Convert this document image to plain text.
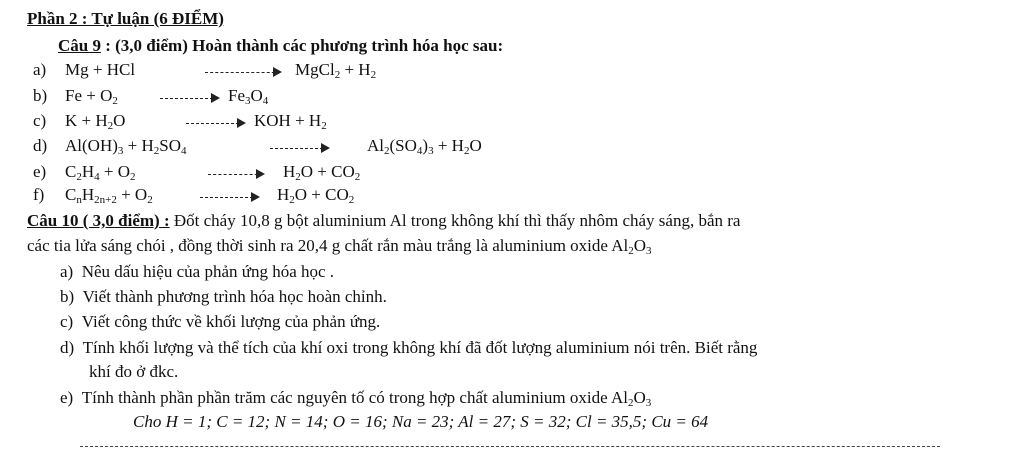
Phần 2 : Tự luận (6 ĐIỂM)
Câu 9 : (3,0 điểm) Hoàn thành các phương trình hóa học sau:
a) Mg + HCl	MgCl$_2$ + $H_2$
b) $Fe + O_2$	$Fe_3O_4$
c) $K + H_2O$	KOH + $H_2$
d) $Al(OH)_3 + H_2SO_4$	$Al_2(SO_4)_3 + H_2O$
e) $C_2H_4 + O_2$	$H_2O + CO_2$
f) $C_nH_{2n+2} + O_2$	$H_2O + CO_2$
Câu 10 ( 3,0 điểm) : Đốt cháy 10,8 g bột aluminium Al trong không khí thì thấy nhôm cháy sáng, bắn ra
các tia lửa sáng chói , đồng thời sinh ra 20,4 g chất rắn màu trắng là aluminium oxide $Al_2O_3$
a) Nêu dấu hiệu của phản ứng hóa học .
b) Viết thành phương trình hóa học hoàn chỉnh.
c) Viết công thức về khối lượng của phản ứng.
d) Tính khối lượng và thể tích của khí oxi trong không khí đã đốt lượng aluminium nói trên. Biết rằng
khí đo ở đkc.
e) Tính thành phần phần trăm các nguyên tố có trong hợp chất aluminium oxide $Al_2O_3$
Cho H = 1; C = 12; N = 14; O = 16; Na = 23; Al = 27; S = 32; Cl = 35,5; Cu = 64
